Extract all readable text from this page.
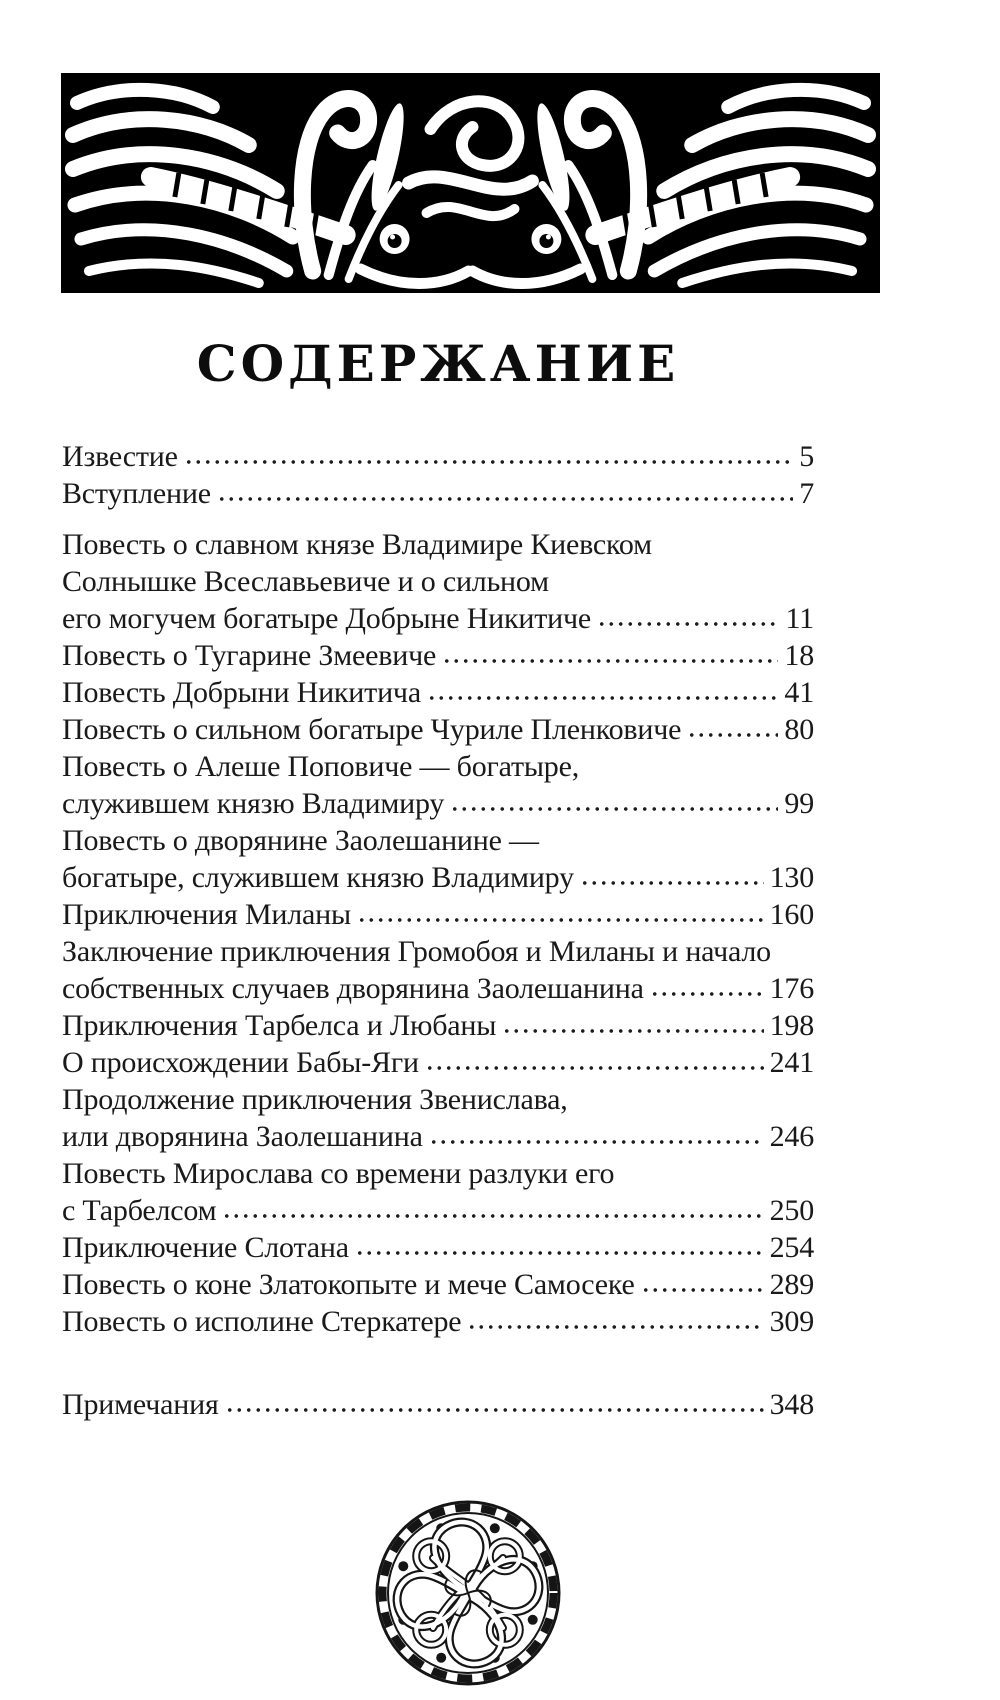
СОДЕРЖАНИЕ
Известие	5
Вступление	7
Повесть о славном князе Владимире Киевском
Солнышке Всеславьевиче и о сильном
его могучем богатыре Добрыне Никитиче	11
Повесть о Тугарине Змеевиче	18
Повесть Добрыни Никитича	41
Повесть о сильном богатыре Чуриле Пленковиче	80
Повесть о Алеше Поповиче — богатыре,
служившем князю Владимиру	99
Повесть о дворянине Заолешанине —
богатыре, служившем князю Владимиру	130
Приключения Миланы	160
Заключение приключения Громобоя и Миланы и начало
собственных случаев дворянина Заолешанина	176
Приключения Тарбелса и Любаны	198
О происхождении Бабы-Яги	241
Продолжение приключения Звенислава,
или дворянина Заолешанина	246
Повесть Мирослава со времени разлуки его
с Тарбелсом	250
Приключение Слотана	254
Повесть о коне Златокопыте и мече Самосеке	289
Повесть о исполине Стеркатере	309
Примечания	348
